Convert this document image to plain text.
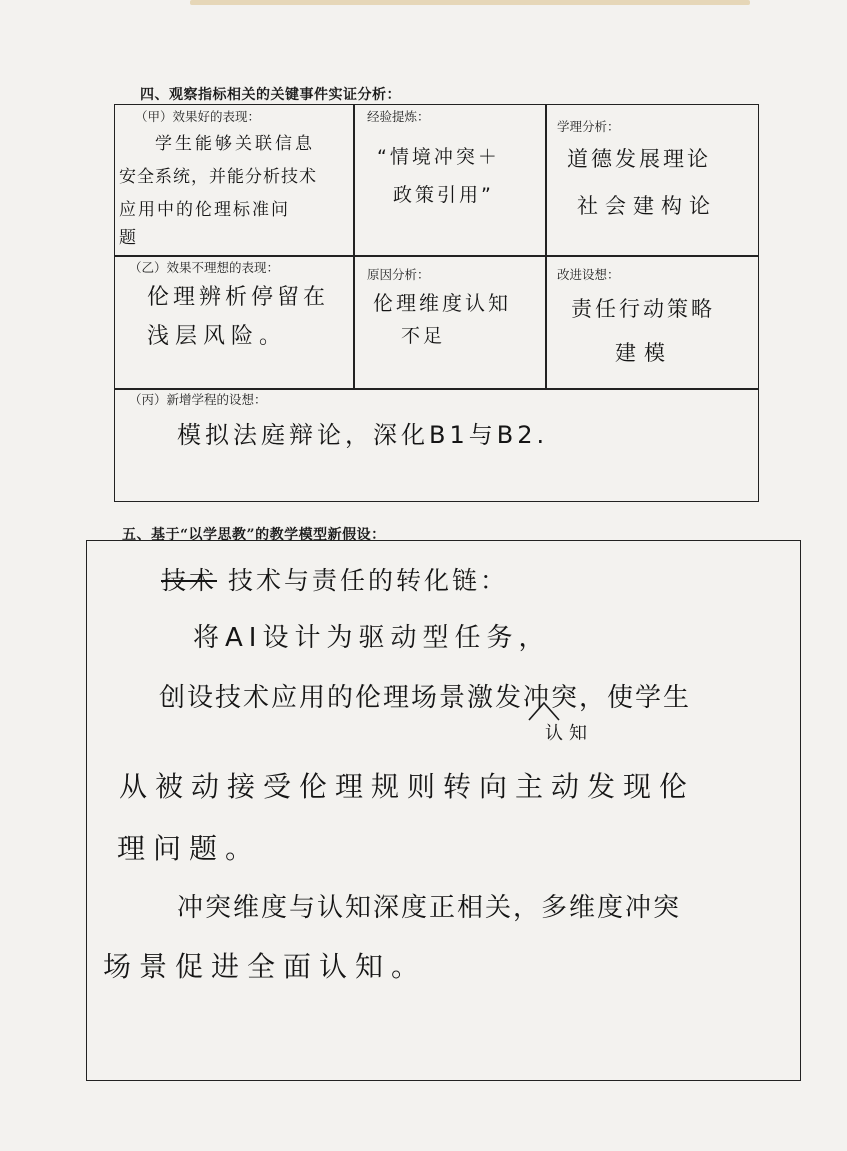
四、观察指标相关的关键事件实证分析：
（甲）效果好的表现：
学生能够关联信息
安全系统，并能分析技术
应用中的伦理标准问
题
经验提炼：
“情境冲突＋
政策引用”
学理分析：
道德发展理论
社会建构论
（乙）效果不理想的表现：
伦理辨析停留在
浅层风险。
原因分析：
伦理维度认知
不足
改进设想：
责任行动策略
建模
（丙）新增学程的设想：
模拟法庭辩论，深化B1与B2.
五、基于“以学思教”的教学模型新假设：
技术 技术与责任的转化链：
将AI设计为驱动型任务，
创设技术应用的伦理场景激发冲突，使学生
认知
从被动接受伦理规则转向主动发现伦
理问题。
冲突维度与认知深度正相关，多维度冲突
场景促进全面认知。
